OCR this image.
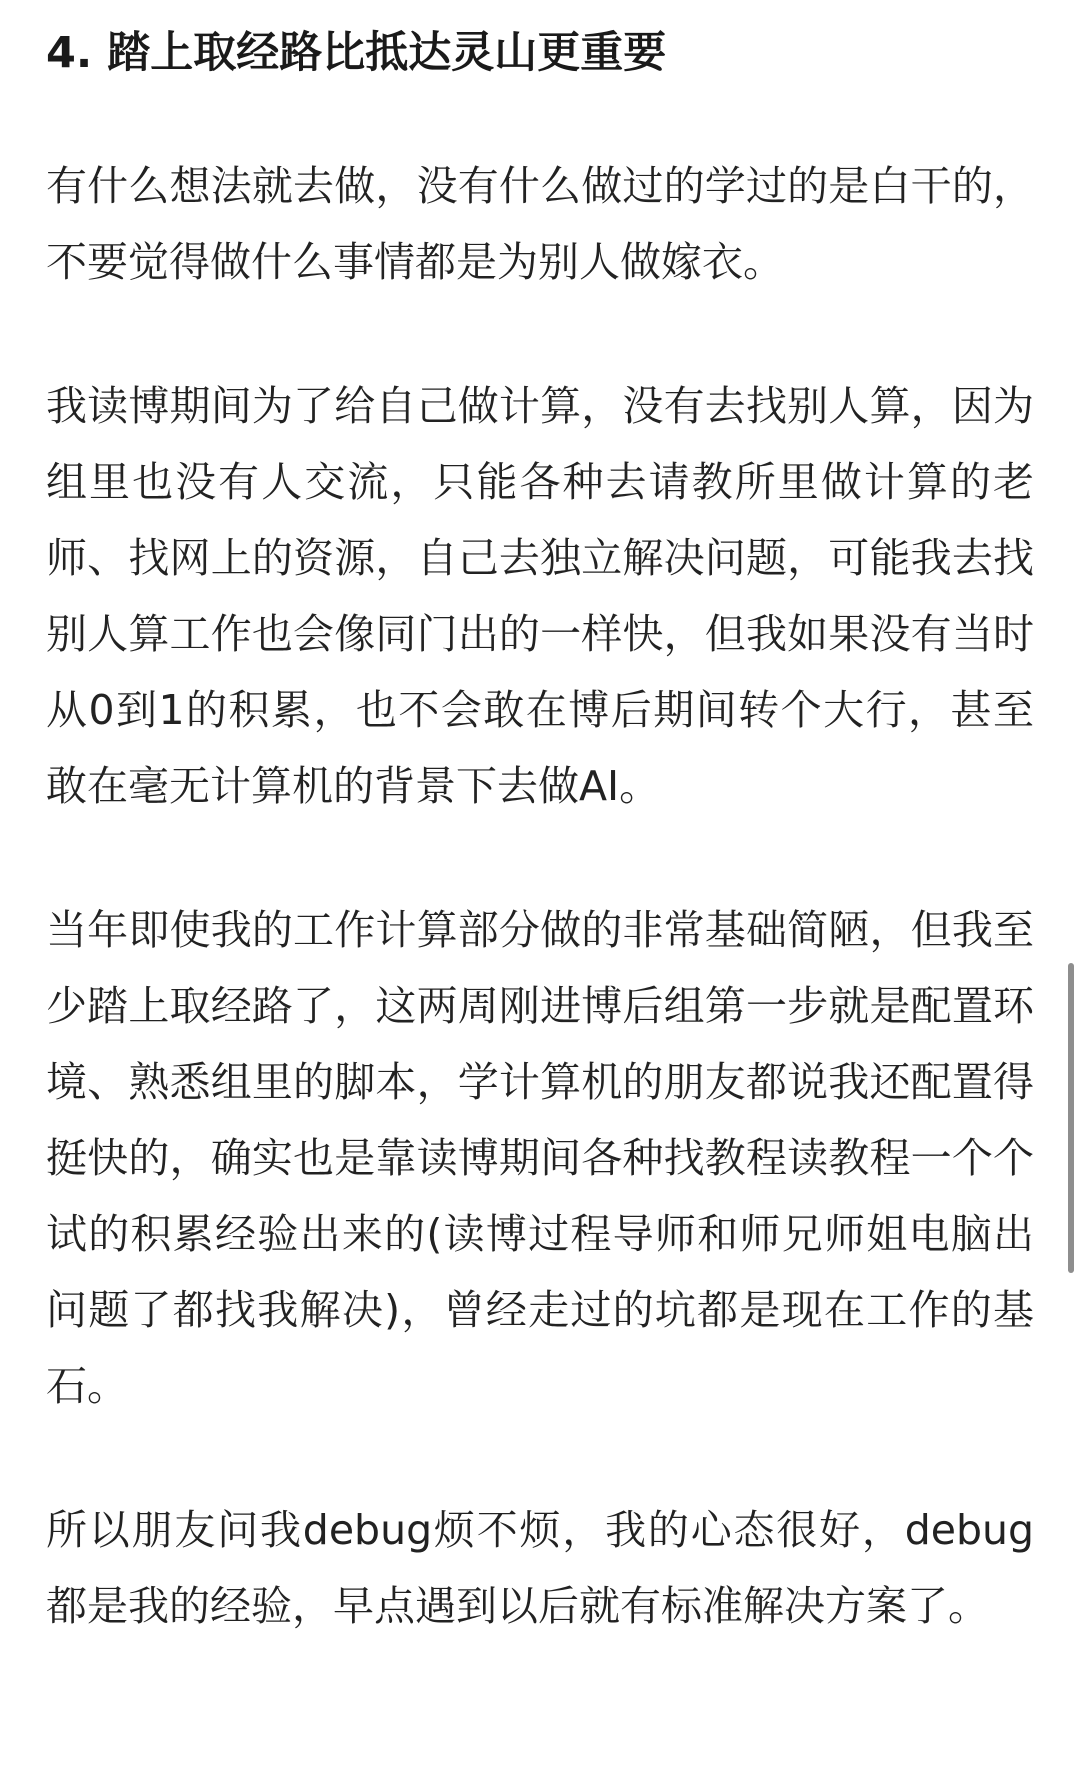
4. 踏上取经路比抵达灵山更重要

有什么想法就去做，没有什么做过的学过的是白干的，不要觉得做什么事情都是为别人做嫁衣。

我读博期间为了给自己做计算，没有去找别人算，因为组里也没有人交流，只能各种去请教所里做计算的老师、找网上的资源，自己去独立解决问题，可能我去找别人算工作也会像同门出的一样快，但我如果没有当时从0到1的积累，也不会敢在博后期间转个大行，甚至敢在毫无计算机的背景下去做AI。

当年即使我的工作计算部分做的非常基础简陋，但我至少踏上取经路了，这两周刚进博后组第一步就是配置环境、熟悉组里的脚本，学计算机的朋友都说我还配置得挺快的，确实也是靠读博期间各种找教程读教程一个个试的积累经验出来的(读博过程导师和师兄师姐电脑出问题了都找我解决)，曾经走过的坑都是现在工作的基石。

所以朋友问我debug烦不烦，我的心态很好，debug都是我的经验，早点遇到以后就有标准解决方案了。
